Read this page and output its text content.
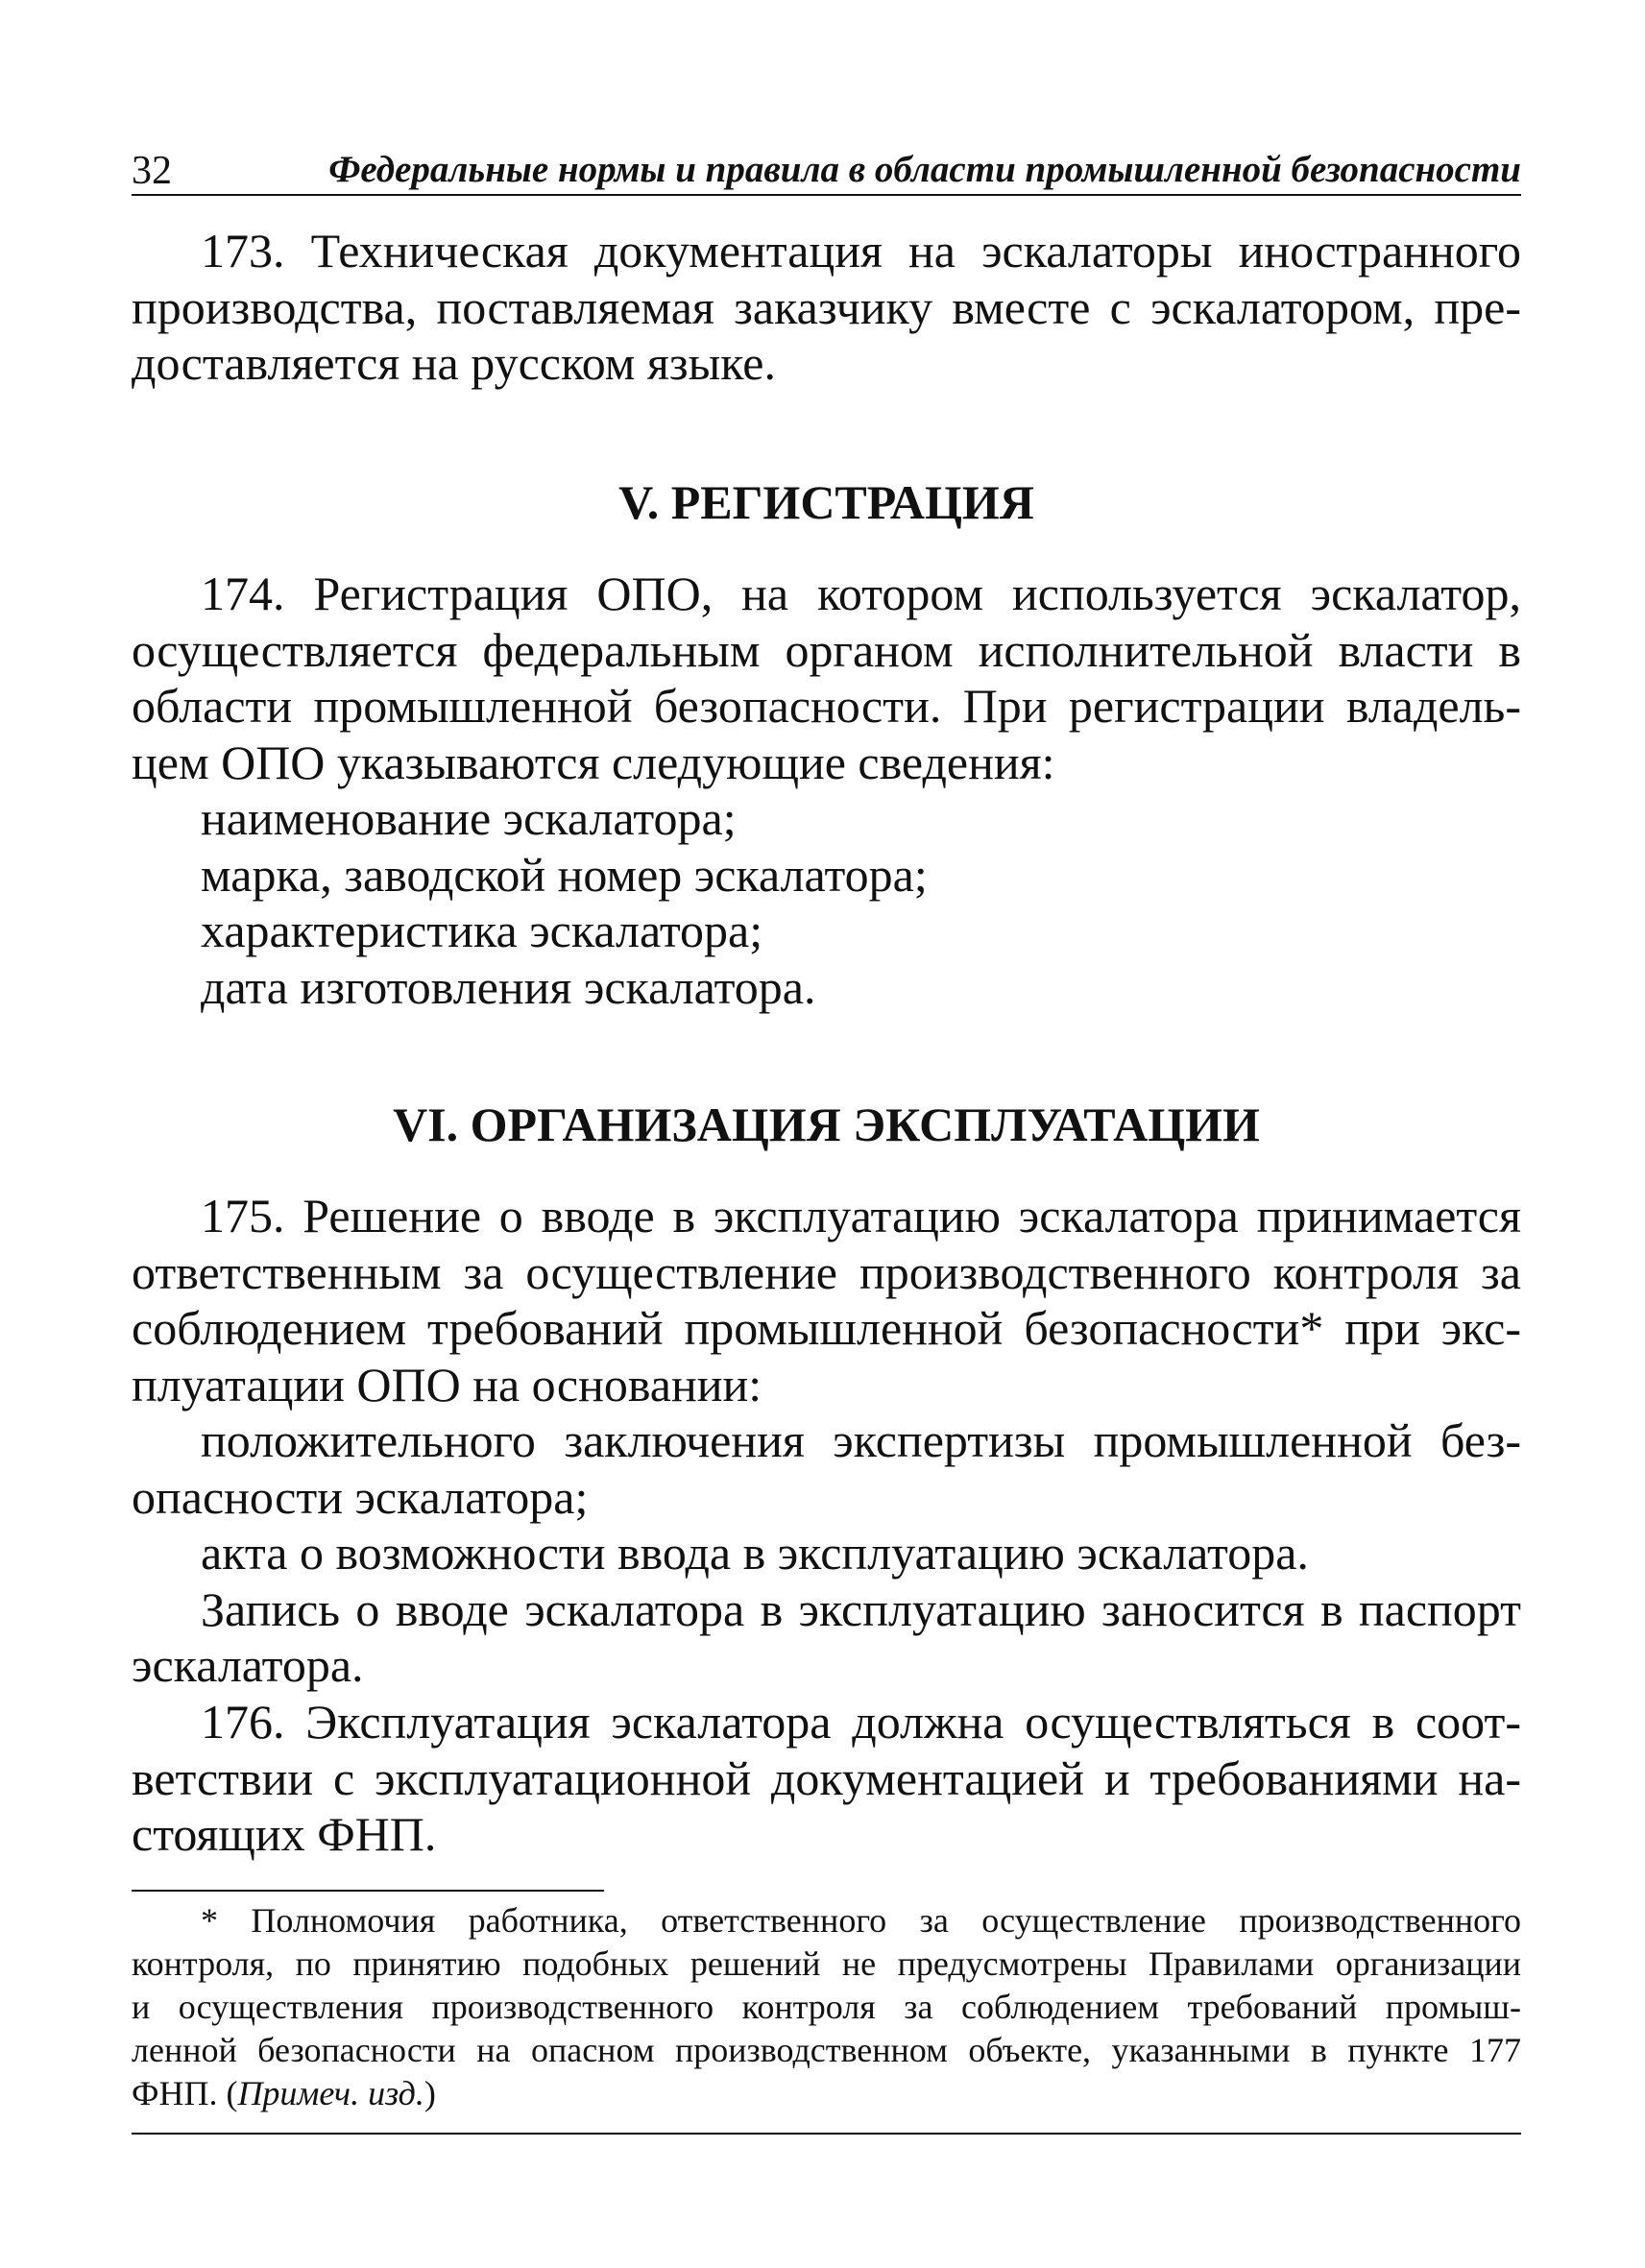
32	Федеральные нормы и правила в области промышленной безопасности
173. Техническая документация на эскалаторы иностранного
производства, поставляемая заказчику вместе с эскалатором, пре-
доставляется на русском языке.
V. РЕГИСТРАЦИЯ
174. Регистрация ОПО, на котором используется эскалатор,
осуществляется федеральным органом исполнительной власти в
области промышленной безопасности. При регистрации владель-
цем ОПО указываются следующие сведения:
наименование эскалатора;
марка, заводской номер эскалатора;
характеристика эскалатора;
дата изготовления эскалатора.
VI. ОРГАНИЗАЦИЯ ЭКСПЛУАТАЦИИ
175. Решение о вводе в эксплуатацию эскалатора принимается
ответственным за осуществление производственного контроля за
соблюдением требований промышленной безопасности* при экс-
плуатации ОПО на основании:
положительного заключения экспертизы промышленной без-
опасности эскалатора;
акта о возможности ввода в эксплуатацию эскалатора.
Запись о вводе эскалатора в эксплуатацию заносится в паспорт
эскалатора.
176. Эксплуатация эскалатора должна осуществляться в соот-
ветствии с эксплуатационной документацией и требованиями на-
стоящих ФНП.
* Полномочия работника, ответственного за осуществление производственного
контроля, по принятию подобных решений не предусмотрены Правилами организации
и осуществления производственного контроля за соблюдением требований промыш-
ленной безопасности на опасном производственном объекте, указанными в пункте 177
ФНП. (Примеч. изд.)
